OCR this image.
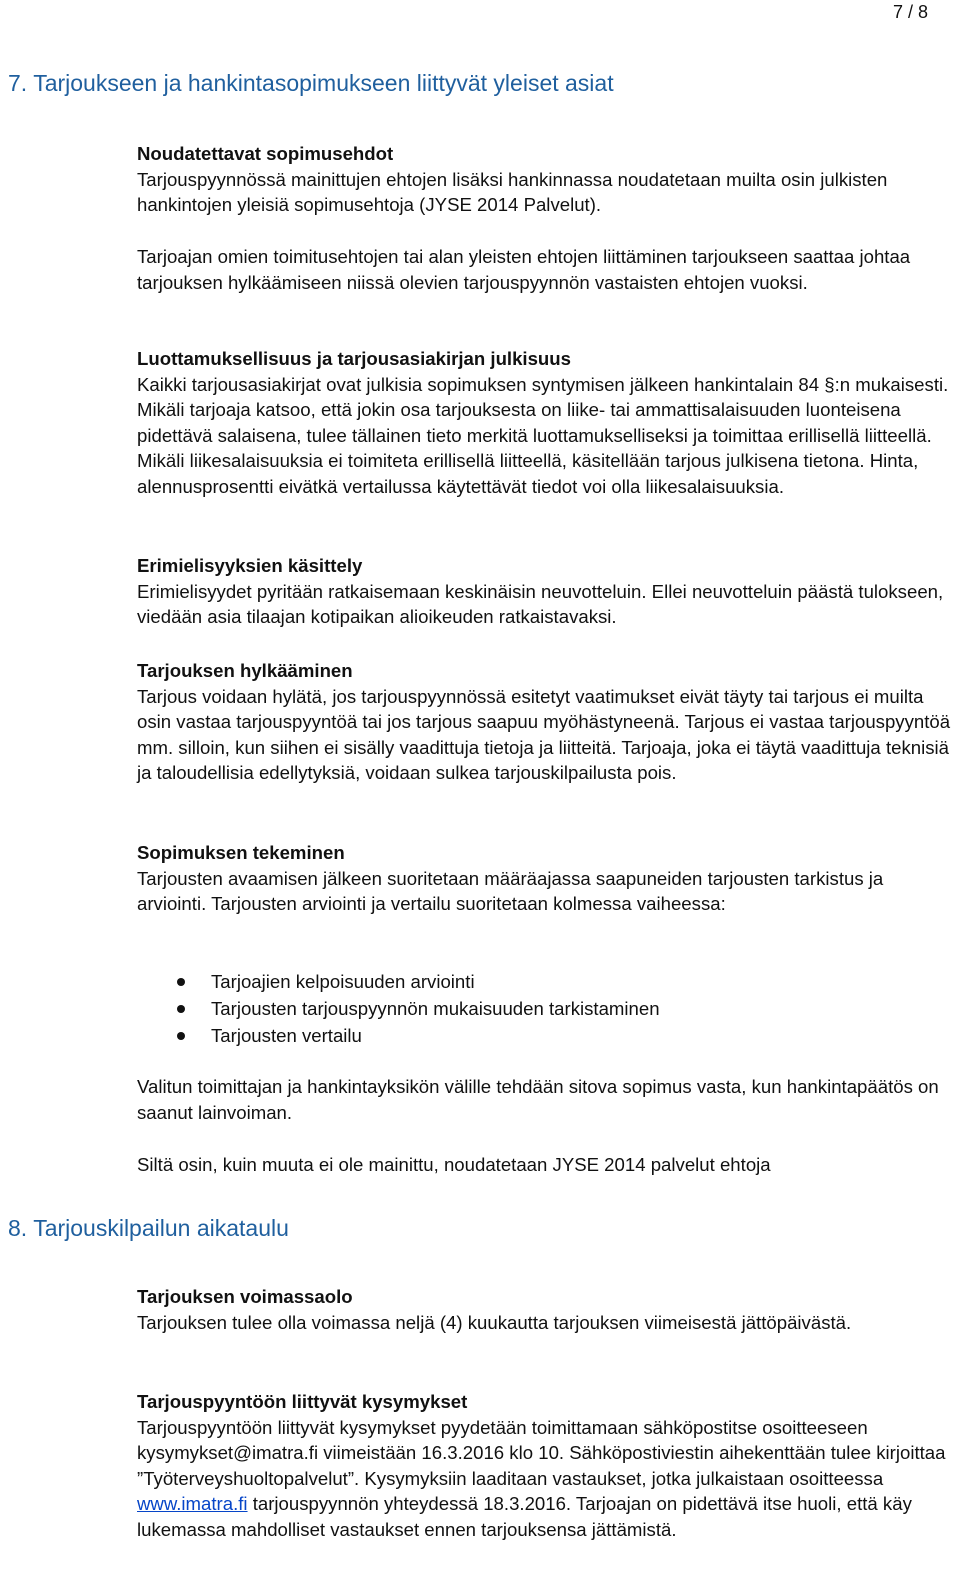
7 / 8
7. Tarjoukseen ja hankintasopimukseen liittyvät yleiset asiat
Noudatettavat sopimusehdot

Tarjouspyynnössä mainittujen ehtojen lisäksi hankinnassa noudatetaan muilta osin julkisten hankintojen yleisiä sopimusehtoja (JYSE 2014 Palvelut).

Tarjoajan omien toimitusehtojen tai alan yleisten ehtojen liittäminen tarjoukseen saattaa johtaa tarjouksen hylkäämiseen niissä olevien tarjouspyynnön vastaisten ehtojen vuoksi.

Luottamuksellisuus ja tarjousasiakirjan julkisuus

Kaikki tarjousasiakirjat ovat julkisia sopimuksen syntymisen jälkeen hankintalain 84 §:n mukaisesti. Mikäli tarjoaja katsoo, että jokin osa tarjouksesta on liike- tai ammattisalaisuuden luonteisena pidettävä salaisena, tulee tällainen tieto merkitä luottamukselliseksi ja toimittaa erillisellä liitteellä. Mikäli liikesalaisuuksia ei toimiteta erillisellä liitteellä, käsitellään tarjous julkisena tietona. Hinta, alennusprosentti eivätkä vertailussa käytettävät tiedot voi olla liikesalaisuuksia.

Erimielisyyksien käsittely

Erimielisyydet pyritään ratkaisemaan keskinäisin neuvotteluin. Ellei neuvotteluin päästä tulokseen, viedään asia tilaajan kotipaikan alioikeuden ratkaistavaksi.

Tarjouksen hylkääminen

Tarjous voidaan hylätä, jos tarjouspyynnössä esitetyt vaatimukset eivät täyty tai tarjous ei muilta osin vastaa tarjouspyyntöä tai jos tarjous saapuu myöhästyneenä. Tarjous ei vastaa tarjouspyyntöä mm. silloin, kun siihen ei sisälly vaadittuja tietoja ja liitteitä. Tarjoaja, joka ei täytä vaadittuja teknisiä ja taloudellisia edellytyksiä, voidaan sulkea tarjouskilpailusta pois.

Sopimuksen tekeminen

Tarjousten avaamisen jälkeen suoritetaan määräajassa saapuneiden tarjousten tarkistus ja arviointi. Tarjousten arviointi ja vertailu suoritetaan kolmessa vaiheessa:

Tarjoajien kelpoisuuden arviointi
Tarjousten tarjouspyynnön mukaisuuden tarkistaminen
Tarjousten vertailu

Valitun toimittajan ja hankintayksikön välille tehdään sitova sopimus vasta, kun hankintapäätös on saanut lainvoiman.

Siltä osin, kuin muuta ei ole mainittu, noudatetaan JYSE 2014 palvelut ehtoja

8. Tarjouskilpailun aikataulu
Tarjouksen voimassaolo

Tarjouksen tulee olla voimassa neljä (4) kuukautta tarjouksen viimeisestä jättöpäivästä.

Tarjouspyyntöön liittyvät kysymykset

Tarjouspyyntöön liittyvät kysymykset pyydetään toimittamaan sähköpostitse osoitteeseen kysymykset@imatra.fi viimeistään 16.3.2016 klo 10. Sähköpostiviestin aihekenttään tulee kirjoittaa ”Työterveyshuoltopalvelut”. Kysymyksiin laaditaan vastaukset, jotka julkaistaan osoitteessa www.imatra.fi tarjouspyynnön yhteydessä 18.3.2016. Tarjoajan on pidettävä itse huoli, että käy lukemassa mahdolliset vastaukset ennen tarjouksensa jättämistä.
